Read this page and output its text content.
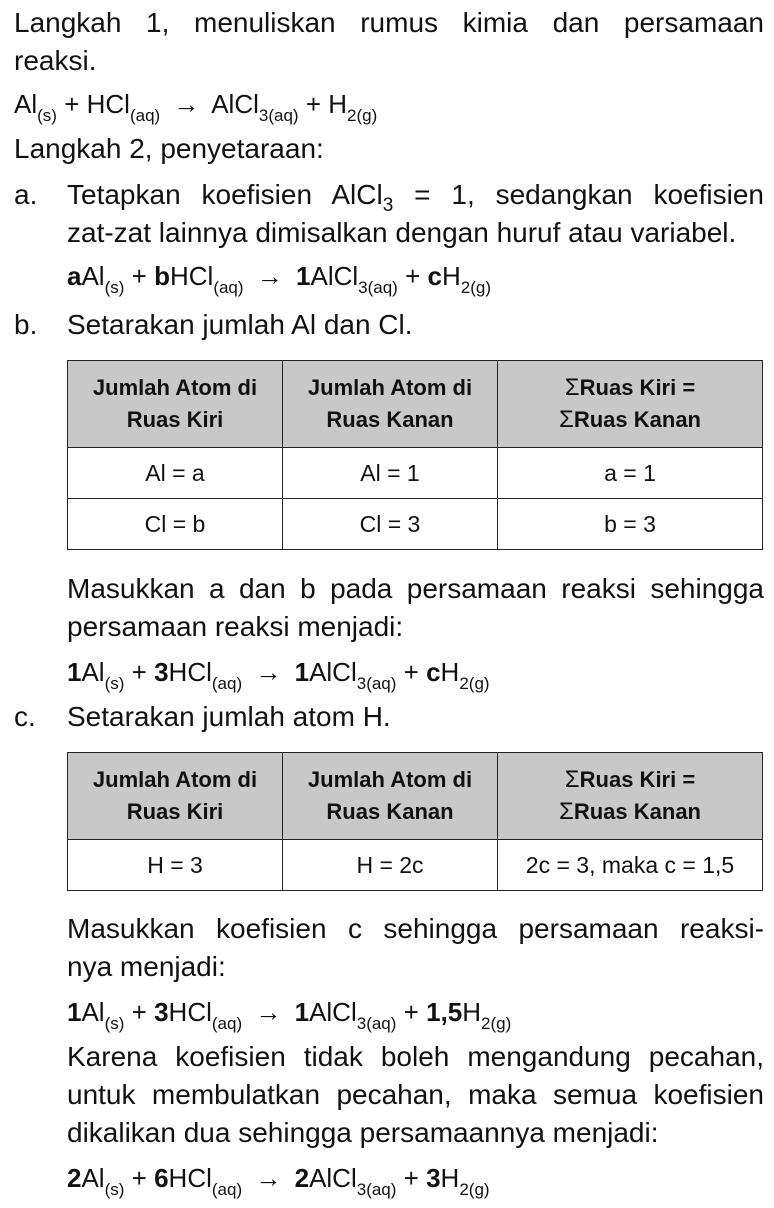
Langkah 1, menuliskan rumus kimia dan persamaan

reaksi.

$Al_{(s)} + HCl_{(aq)}$ → AlCl$_{3(aq)}$ + $H_{2(g)}$

Langkah 2, penyetaraan:

a. Tetapkan koefisien AlCl$_3$ = 1, sedangkan koefisien

zat-zat lainnya dimisalkan dengan huruf atau variabel.

aAl$_{(s)}$ + bHCl$_{(aq)}$ → 1AlCl$_{3(aq)}$ + $cH_{2(g)}$
b. Setarakan jumlah Al dan Cl.

Jumlah Atom di
Ruas Kiri	Jumlah Atom di
Ruas Kanan	ΣRuas Kiri =
ΣRuas Kanan
Al = a	Al = 1	a = 1
Cl = b	Cl = 3	b = 3

Masukkan a dan b pada persamaan reaksi sehingga

persamaan reaksi menjadi:

$1Al_{(s)} + 3HCl_{(aq)}$ → 1AlCl$_{3(aq)}$ + $cH_{2(g)}$
c. Setarakan jumlah atom H.

Jumlah Atom di
Ruas Kiri	Jumlah Atom di
Ruas Kanan	ΣRuas Kiri =
ΣRuas Kanan
H = 3	H = 2c	2c = 3, maka c = 1,5

Masukkan koefisien c sehingga persamaan reaksi-

nya menjadi:

$1Al_{(s)} + 3HCl_{(aq)}$ → 1AlCl$_{3(aq)}$ + $1,5H_{2(g)}$

Karena koefisien tidak boleh mengandung pecahan,

untuk membulatkan pecahan, maka semua koefisien

dikalikan dua sehingga persamaannya menjadi:

$2Al_{(s)} + 6HCl_{(aq)}$ → 2AlCl$_{3(aq)}$ + $3H_{2(g)}$
